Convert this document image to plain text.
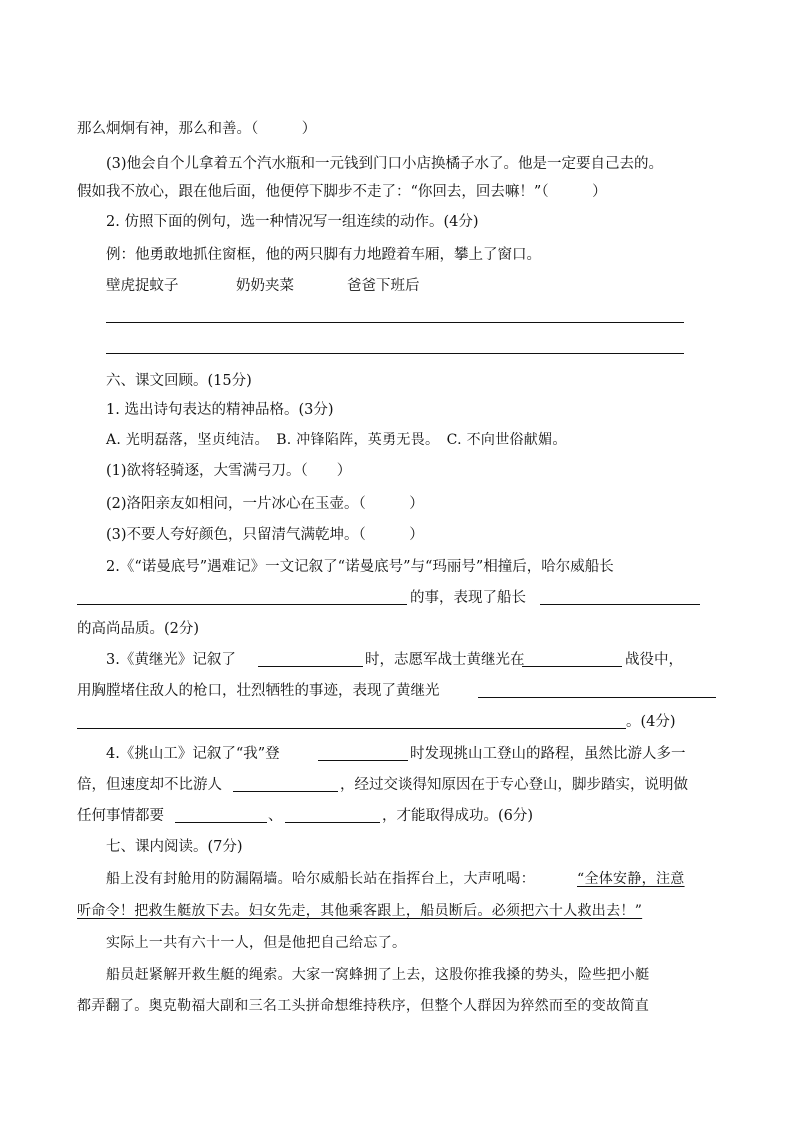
那么炯炯有神，那么和善。（　　　）
(3)他会自个儿拿着五个汽水瓶和一元钱到门口小店换橘子水了。他是一定要自己去的。
假如我不放心，跟在他后面，他便停下脚步不走了：“你回去，回去嘛！”（　　　）
2. 仿照下面的例句，选一种情况写一组连续的动作。(4分)
例：他勇敢地抓住窗框，他的两只脚有力地蹬着车厢，攀上了窗口。
壁虎捉蚊子	奶奶夹菜	爸爸下班后
六、课文回顾。(15分)
1. 选出诗句表达的精神品格。(3分)
A. 光明磊落，坚贞纯洁。　B. 冲锋陷阵，英勇无畏。　C. 不向世俗献媚。
(1)欲将轻骑逐，大雪满弓刀。（　　）
(2)洛阳亲友如相问，一片冰心在玉壶。（　　　）
(3)不要人夸好颜色，只留清气满乾坤。（　　　）
2.《“诺曼底号”遇难记》一文记叙了“诺曼底号”与“玛丽号”相撞后，哈尔威船长
的事，表现了船长
的高尚品质。(2分)
3.《黄继光》记叙了	时，志愿军战士黄继光在	战役中，
用胸膛堵住敌人的枪口，壮烈牺牲的事迹，表现了黄继光
。(4分)
4.《挑山工》记叙了“我”登	时发现挑山工登山的路程，虽然比游人多一
倍，但速度却不比游人	，经过交谈得知原因在于专心登山，脚步踏实，说明做
任何事情都要	、	，才能取得成功。(6分)
七、课内阅读。(7分)
船上没有封舱用的防漏隔墙。哈尔威船长站在指挥台上，大声吼喝：	“全体安静，注意
听命令！把救生艇放下去。妇女先走，其他乘客跟上，船员断后。必须把六十人救出去！”
实际上一共有六十一人，但是他把自己给忘了。
船员赶紧解开救生艇的绳索。大家一窝蜂拥了上去，这股你推我搡的势头，险些把小艇
都弄翻了。奥克勒福大副和三名工头拼命想维持秩序，但整个人群因为猝然而至的变故简直
